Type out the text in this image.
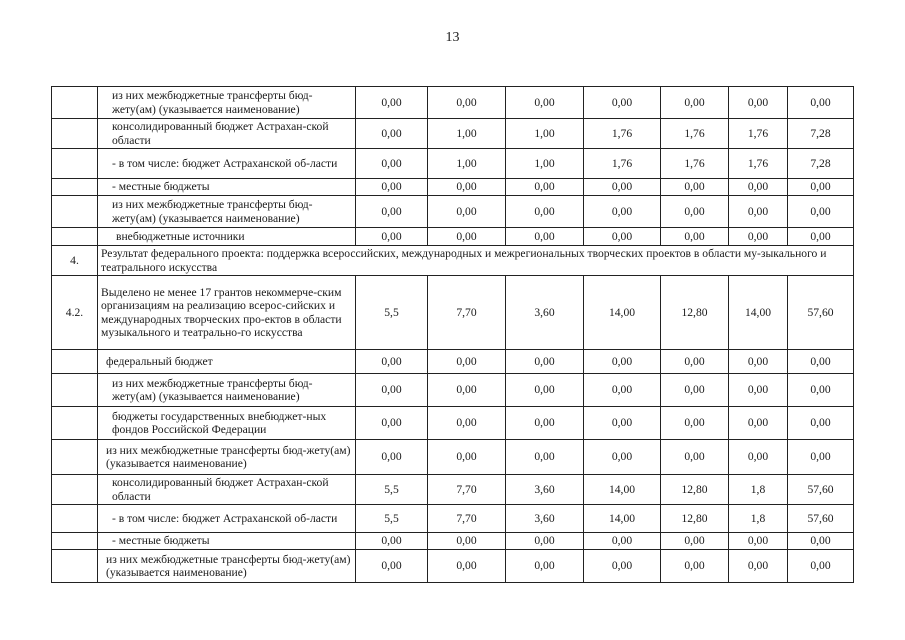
13
	из них межбюджетные трансферты бюд-жету(ам) (указывается наименование)	0,00	0,00	0,00	0,00	0,00	0,00	0,00
	консолидированный бюджет Астрахан-ской области	0,00	1,00	1,00	1,76	1,76	1,76	7,28
	- в том числе: бюджет Астраханской об-ласти	0,00	1,00	1,00	1,76	1,76	1,76	7,28
	- местные бюджеты	0,00	0,00	0,00	0,00	0,00	0,00	0,00
	из них межбюджетные трансферты бюд-жету(ам) (указывается наименование)	0,00	0,00	0,00	0,00	0,00	0,00	0,00
	внебюджетные источники	0,00	0,00	0,00	0,00	0,00	0,00	0,00
4.	Результат федерального проекта: поддержка всероссийских, международных и межрегиональных творческих проектов в области му-зыкального и театрального искусства							
4.2.	Выделено не менее 17 грантов некоммерче-ским организациям на реализацию всерос-сийских и международных творческих про-ектов в области музыкального и театрально-го искусства	5,5	7,70	3,60	14,00	12,80	14,00	57,60
	федеральный бюджет	0,00	0,00	0,00	0,00	0,00	0,00	0,00
	из них межбюджетные трансферты бюд-жету(ам) (указывается наименование)	0,00	0,00	0,00	0,00	0,00	0,00	0,00
	бюджеты государственных внебюджет-ных фондов Российской Федерации	0,00	0,00	0,00	0,00	0,00	0,00	0,00
	из них межбюджетные трансферты бюд-жету(ам) (указывается наименование)	0,00	0,00	0,00	0,00	0,00	0,00	0,00
	консолидированный бюджет Астрахан-ской области	5,5	7,70	3,60	14,00	12,80	1,8	57,60
	- в том числе: бюджет Астраханской об-ласти	5,5	7,70	3,60	14,00	12,80	1,8	57,60
	- местные бюджеты	0,00	0,00	0,00	0,00	0,00	0,00	0,00
	из них межбюджетные трансферты бюд-жету(ам) (указывается наименование)	0,00	0,00	0,00	0,00	0,00	0,00	0,00
